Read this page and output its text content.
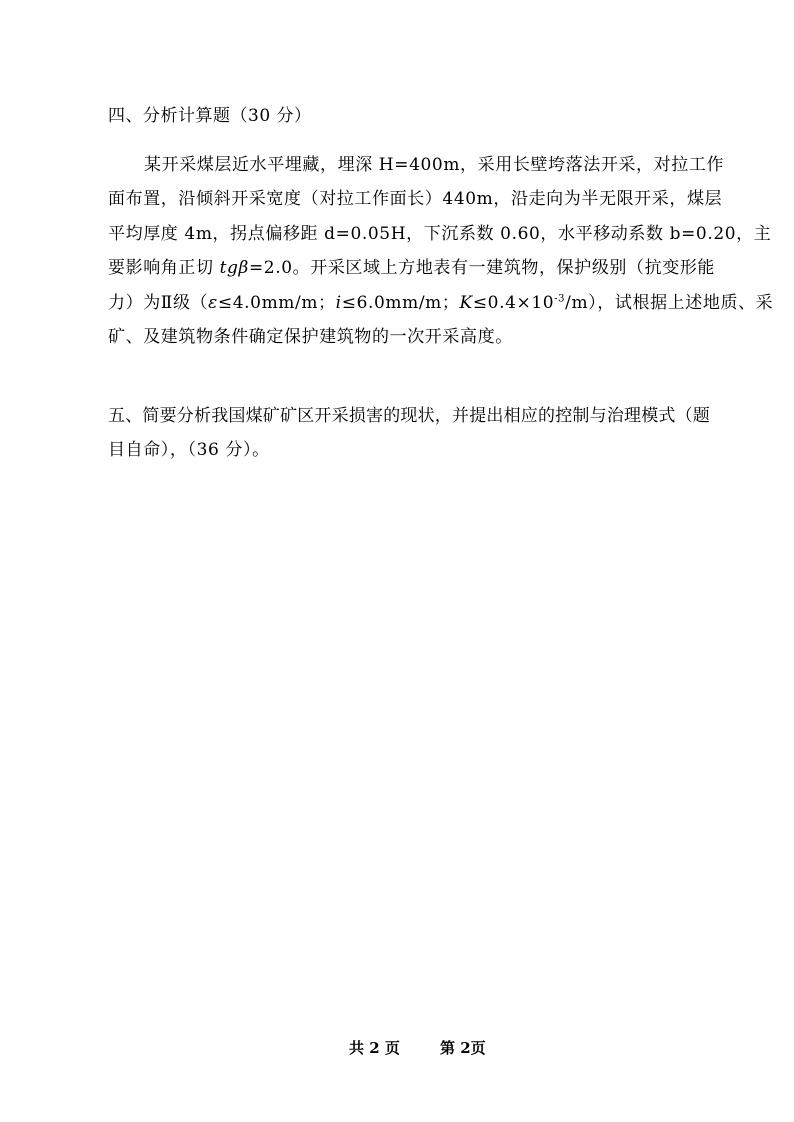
四、分析计算题（30 分）
某开采煤层近水平埋藏，埋深 H=400m，采用长壁垮落法开采，对拉工作
面布置，沿倾斜开采宽度（对拉工作面长）440m，沿走向为半无限开采，煤层
平均厚度 4m，拐点偏移距 d=0.05H，下沉系数 0.60，水平移动系数 b=0.20，主
要影响角正切 tgβ=2.0。开采区域上方地表有一建筑物，保护级别（抗变形能
力）为Ⅱ级（ε≤4.0mm/m；i≤6.0mm/m；$K\le 0.4\times 10^{-3}/m$），试根据上述地质、采
矿、及建筑物条件确定保护建筑物的一次开采高度。
五、简要分析我国煤矿矿区开采损害的现状，并提出相应的控制与治理模式（题
目自命），（36 分）。
共 2 页	第 2页
